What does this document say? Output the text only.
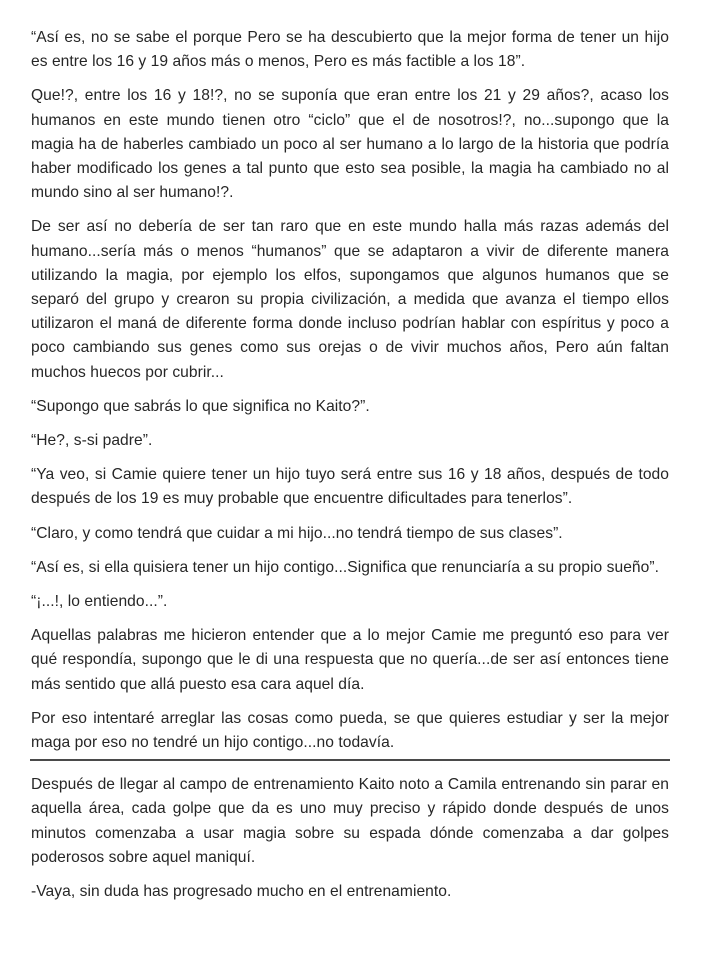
“Así es, no se sabe el porque Pero se ha descubierto que la mejor forma de tener un hijo es entre los 16 y 19 años más o menos, Pero es más factible a los 18”.

Que!?, entre los 16 y 18!?, no se suponía que eran entre los 21 y 29 años?, acaso los humanos en este mundo tienen otro “ciclo” que el de nosotros!?, no...supongo que la magia ha de haberles cambiado un poco al ser humano a lo largo de la historia que podría haber modificado los genes a tal punto que esto sea posible, la magia ha cambiado no al mundo sino al ser humano!?.

De ser así no debería de ser tan raro que en este mundo halla más razas además del humano...sería más o menos “humanos” que se adaptaron a vivir de diferente manera utilizando la magia, por ejemplo los elfos, supongamos que algunos humanos que se separó del grupo y crearon su propia civilización, a medida que avanza el tiempo ellos utilizaron el maná de diferente forma donde incluso podrían hablar con espíritus y poco a poco cambiando sus genes como sus orejas o de vivir muchos años, Pero aún faltan muchos huecos por cubrir...

“Supongo que sabrás lo que significa no Kaito?”.

“He?, s-si padre”.

“Ya veo, si Camie quiere tener un hijo tuyo será entre sus 16 y 18 años, después de todo después de los 19 es muy probable que encuentre dificultades para tenerlos”.

“Claro, y como tendrá que cuidar a mi hijo...no tendrá tiempo de sus clases”.

“Así es, si ella quisiera tener un hijo contigo...Significa que renunciaría a su propio sueño”.

“¡...!, lo entiendo...”.

Aquellas palabras me hicieron entender que a lo mejor Camie me preguntó eso para ver qué respondía, supongo que le di una respuesta que no quería...de ser así entonces tiene más sentido que allá puesto esa cara aquel día.

Por eso intentaré arreglar las cosas como pueda, se que quieres estudiar y ser la mejor maga por eso no tendré un hijo contigo...no todavía.

Después de llegar al campo de entrenamiento Kaito noto a Camila entrenando sin parar en aquella área, cada golpe que da es uno muy preciso y rápido donde después de unos minutos comenzaba a usar magia sobre su espada dónde comenzaba a dar golpes poderosos sobre aquel maniquí.

-Vaya, sin duda has progresado mucho en el entrenamiento.
